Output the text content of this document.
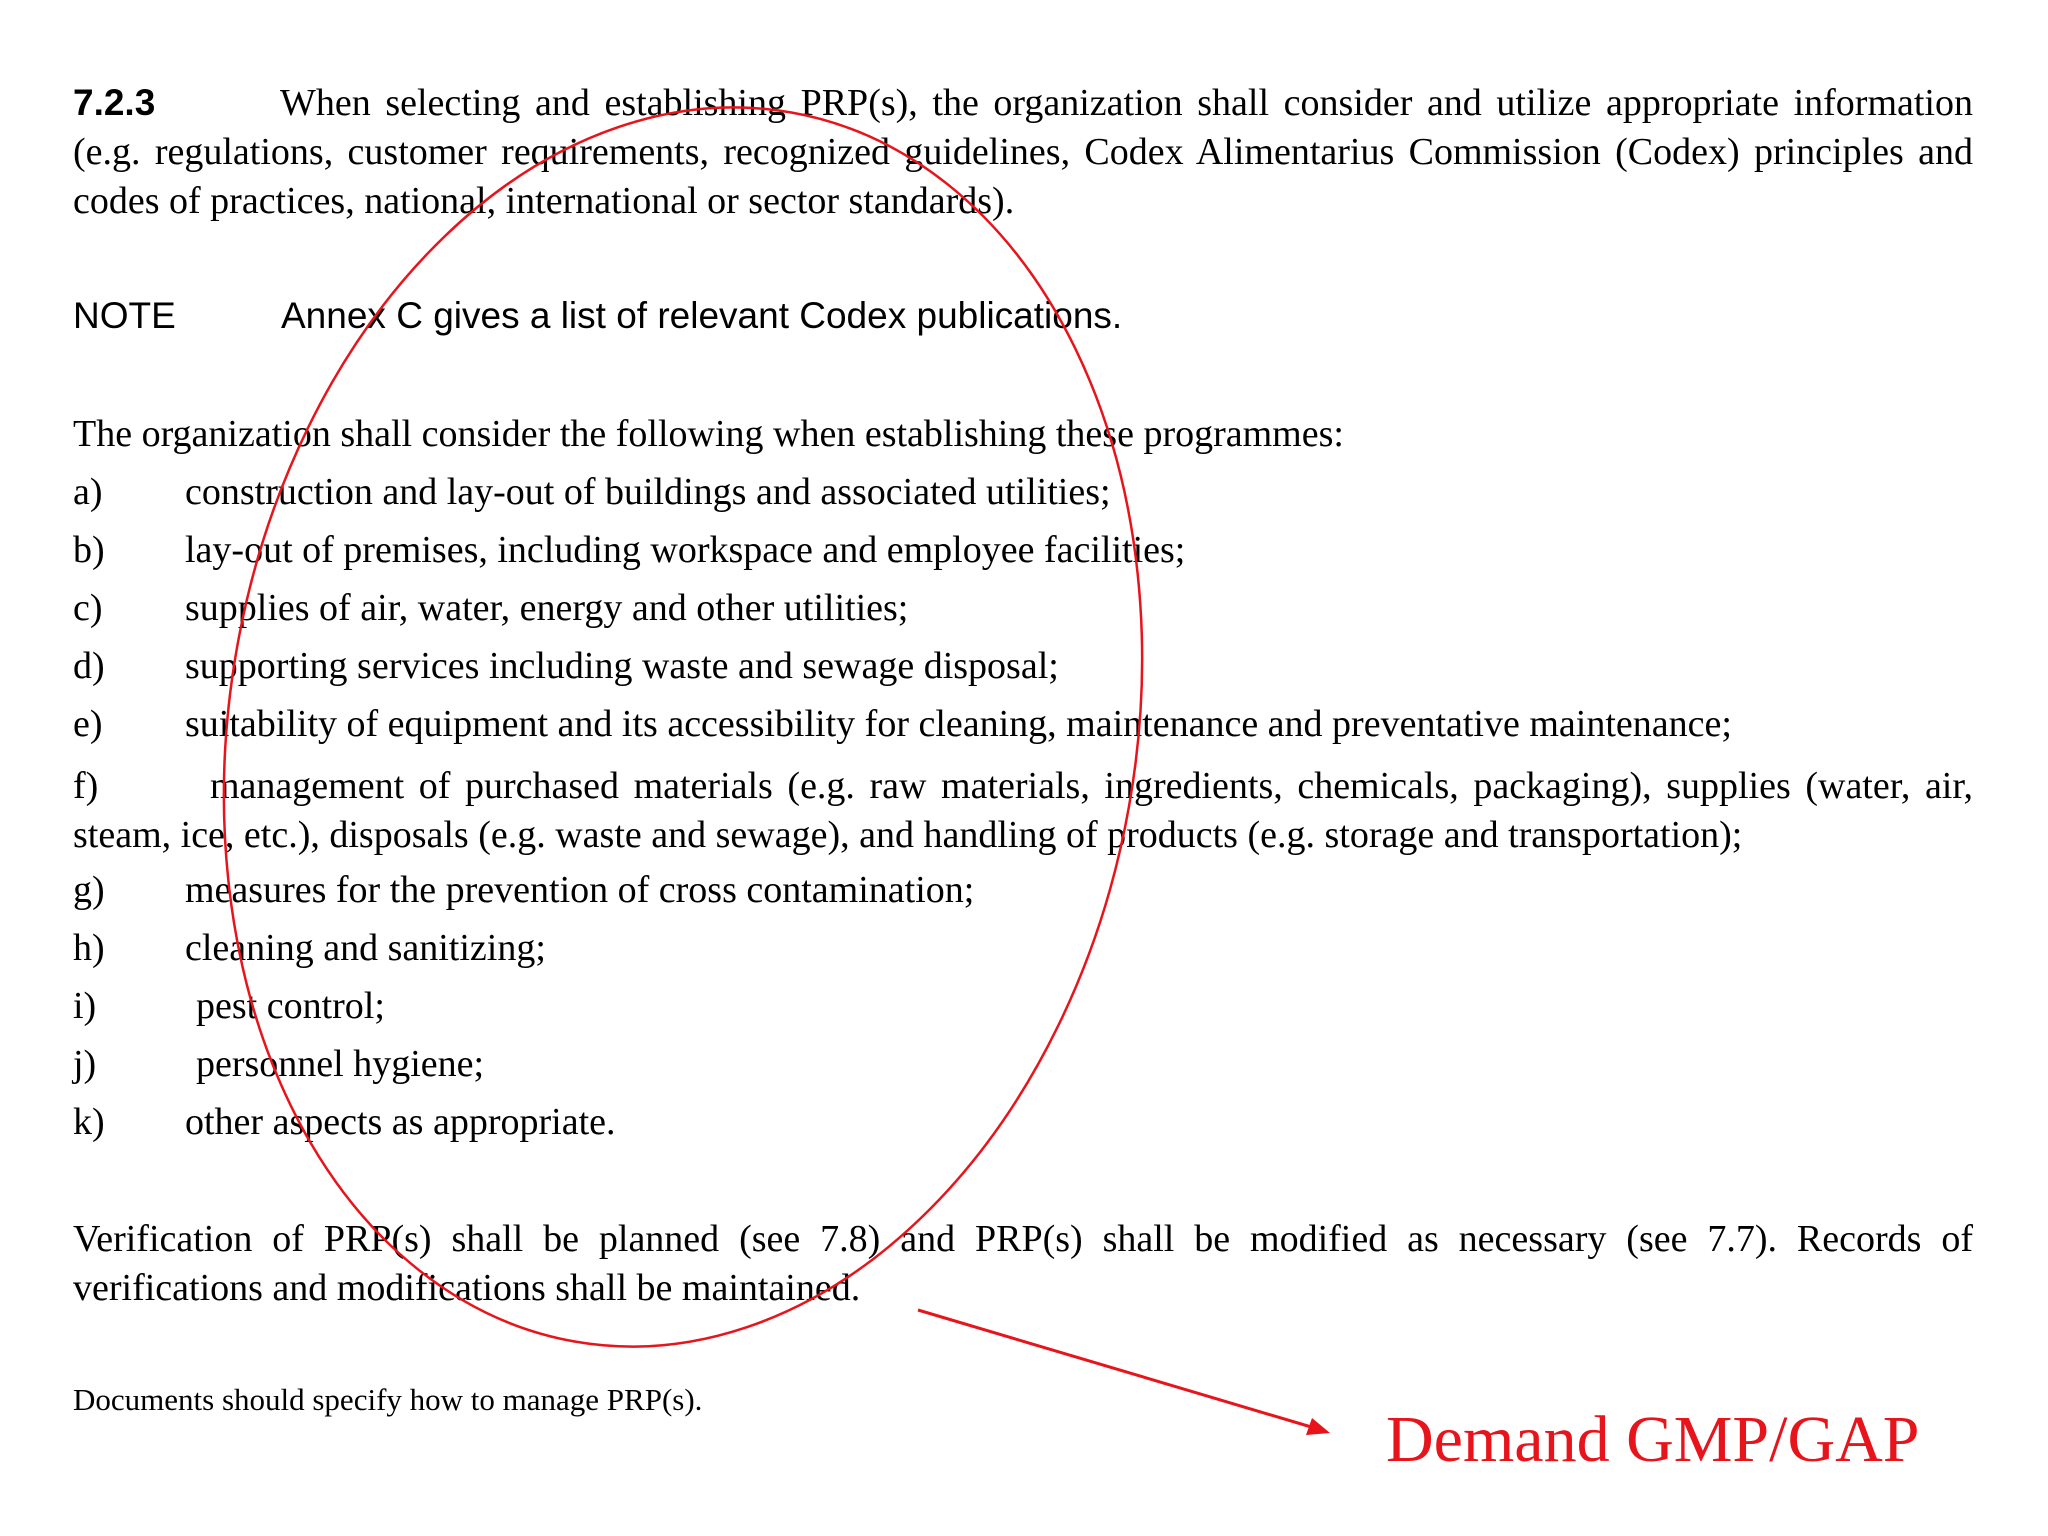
7.2.3	When selecting and establishing PRP(s), the organization shall consider and utilize appropriate information (e.g. regulations, customer requirements, recognized guidelines, Codex Alimentarius Commission (Codex) principles and codes of practices, national, international or sector standards).
NOTE	Annex C gives a list of relevant Codex publications.
The organization shall consider the following when establishing these programmes:
a) construction and lay-out of buildings and associated utilities;
b) lay-out of premises, including workspace and employee facilities;
c) supplies of air, water, energy and other utilities;
d) supporting services including waste and sewage disposal;
e) suitability of equipment and its accessibility for cleaning, maintenance and preventative maintenance;
f)	management of purchased materials (e.g. raw materials, ingredients, chemicals, packaging), supplies (water, air, steam, ice, etc.), disposals (e.g. waste and sewage), and handling of products (e.g. storage and transportation);
g) measures for the prevention of cross contamination;
h) cleaning and sanitizing;
i)	pest control;
j)	personnel hygiene;
k) other aspects as appropriate.
Verification of PRP(s) shall be planned (see 7.8) and PRP(s) shall be modified as necessary (see 7.7). Records of verifications and modifications shall be maintained.
Documents should specify how to manage PRP(s).
Demand GMP/GAP
